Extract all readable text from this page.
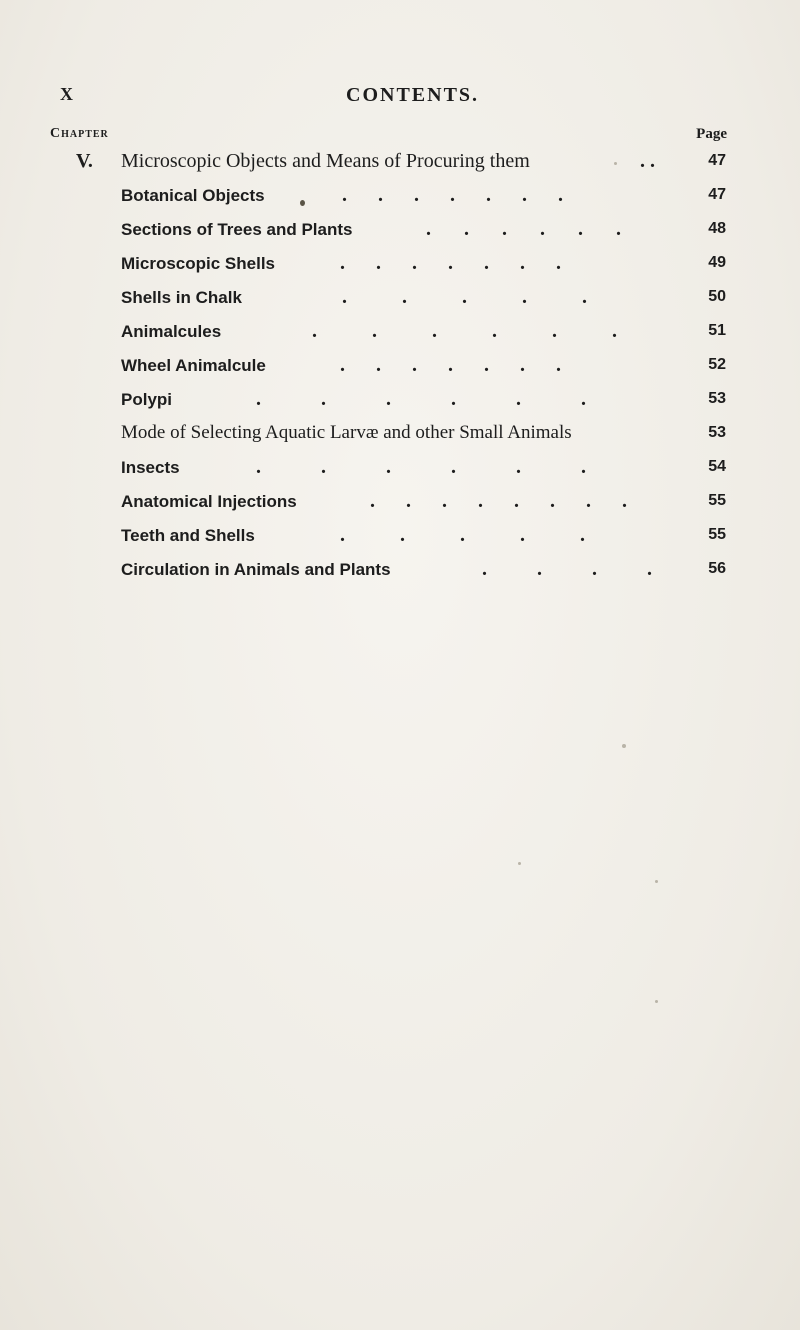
X	CONTENTS.
Chapter	Page
V. Microscopic Objects and Means of Procuring them	. .	47
Botanical Objects	. . . . . . .	47
Sections of Trees and Plants	. . . . . .	48
Microscopic Shells	. . . . . . .	49
Shells in Chalk	.    .    .    .    .	50
Animalcules	.    .    .    .    .    .	51
Wheel Animalcule	. . . . . . .	52
Polypi	.    .    .    .    .    .	53
Mode of Selecting Aquatic Larvæ and other Small Animals	53
Insects	.    .    .    .    .    .	54
Anatomical Injections	. . . . . . . .	55
Teeth and Shells	.    .    .    .    .	55
Circulation in Animals and Plants	.    .    .    .	56
